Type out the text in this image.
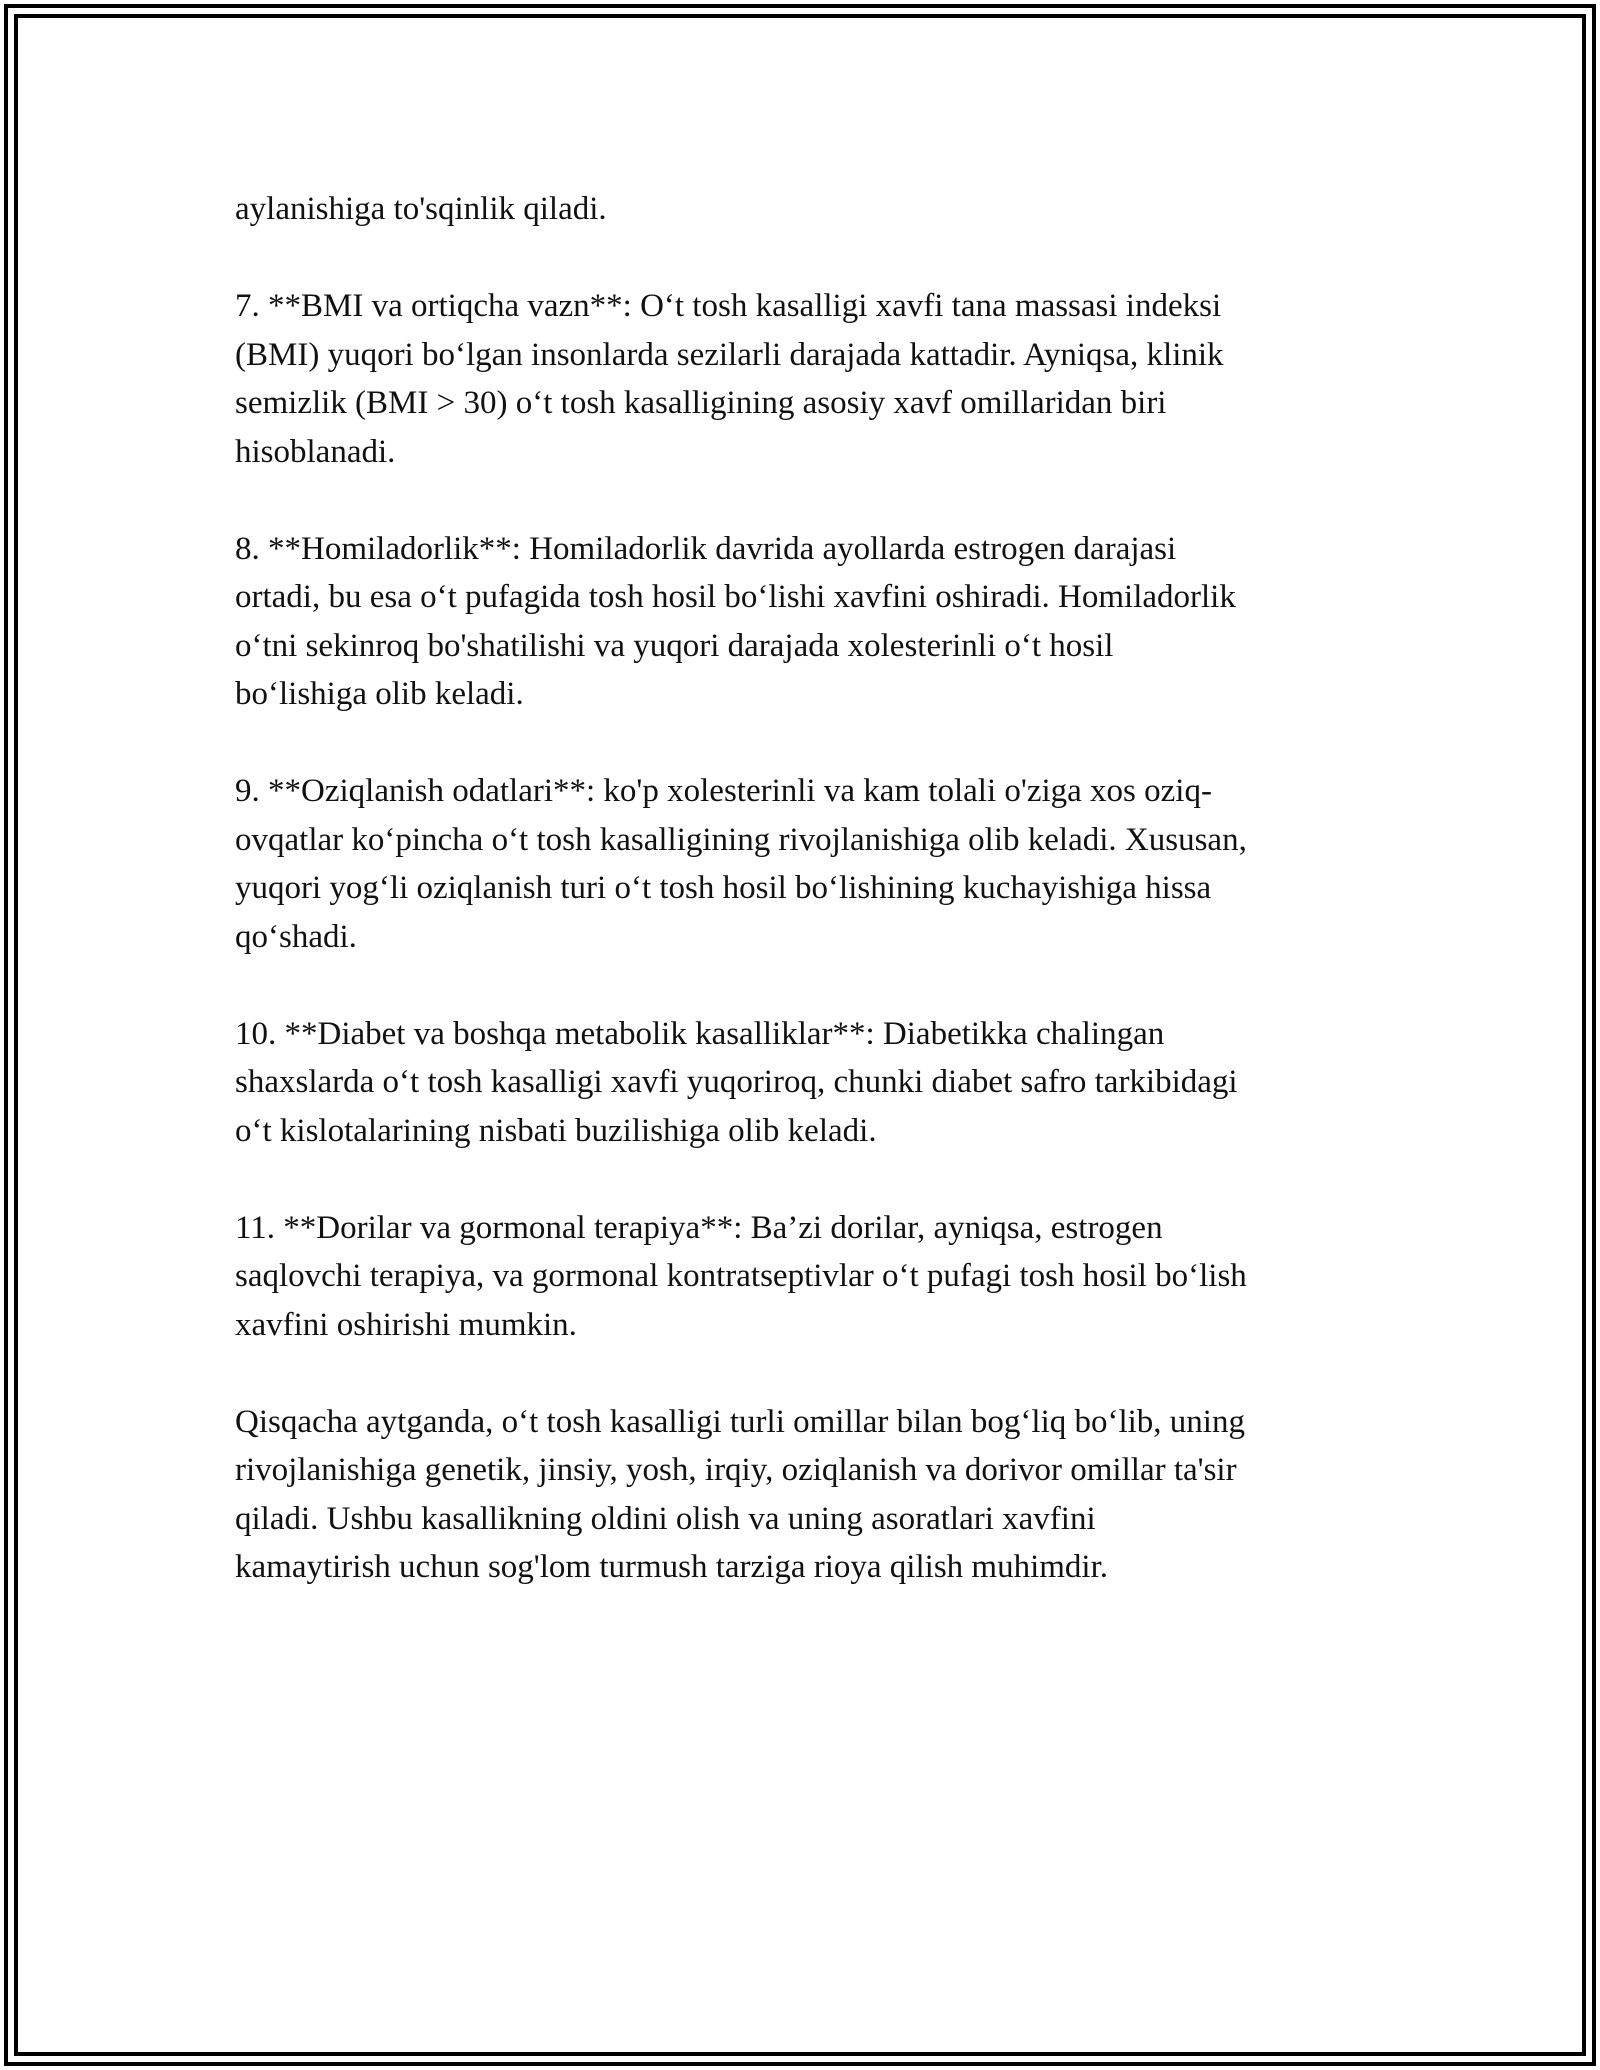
aylanishiga to'sqinlik qiladi.

7. **BMI va ortiqcha vazn**: O‘t tosh kasalligi xavfi tana massasi indeksi
(BMI) yuqori bo‘lgan insonlarda sezilarli darajada kattadir. Ayniqsa, klinik
semizlik (BMI > 30) o‘t tosh kasalligining asosiy xavf omillaridan biri
hisoblanadi.

8. **Homiladorlik**: Homiladorlik davrida ayollarda estrogen darajasi
ortadi, bu esa o‘t pufagida tosh hosil bo‘lishi xavfini oshiradi. Homiladorlik
o‘tni sekinroq bo'shatilishi va yuqori darajada xolesterinli o‘t hosil
bo‘lishiga olib keladi.

9. **Oziqlanish odatlari**: ko'p xolesterinli va kam tolali o'ziga xos oziq-
ovqatlar ko‘pincha o‘t tosh kasalligining rivojlanishiga olib keladi. Xususan,
yuqori yog‘li oziqlanish turi o‘t tosh hosil bo‘lishining kuchayishiga hissa
qo‘shadi.

10. **Diabet va boshqa metabolik kasalliklar**: Diabetikka chalingan
shaxslarda o‘t tosh kasalligi xavfi yuqoriroq, chunki diabet safro tarkibidagi
o‘t kislotalarining nisbati buzilishiga olib keladi.

11. **Dorilar va gormonal terapiya**: Ba’zi dorilar, ayniqsa, estrogen
saqlovchi terapiya, va gormonal kontratseptivlar o‘t pufagi tosh hosil bo‘lish
xavfini oshirishi mumkin.

Qisqacha aytganda, o‘t tosh kasalligi turli omillar bilan bog‘liq bo‘lib, uning
rivojlanishiga genetik, jinsiy, yosh, irqiy, oziqlanish va dorivor omillar ta'sir
qiladi. Ushbu kasallikning oldini olish va uning asoratlari xavfini
kamaytirish uchun sog'lom turmush tarziga rioya qilish muhimdir.
